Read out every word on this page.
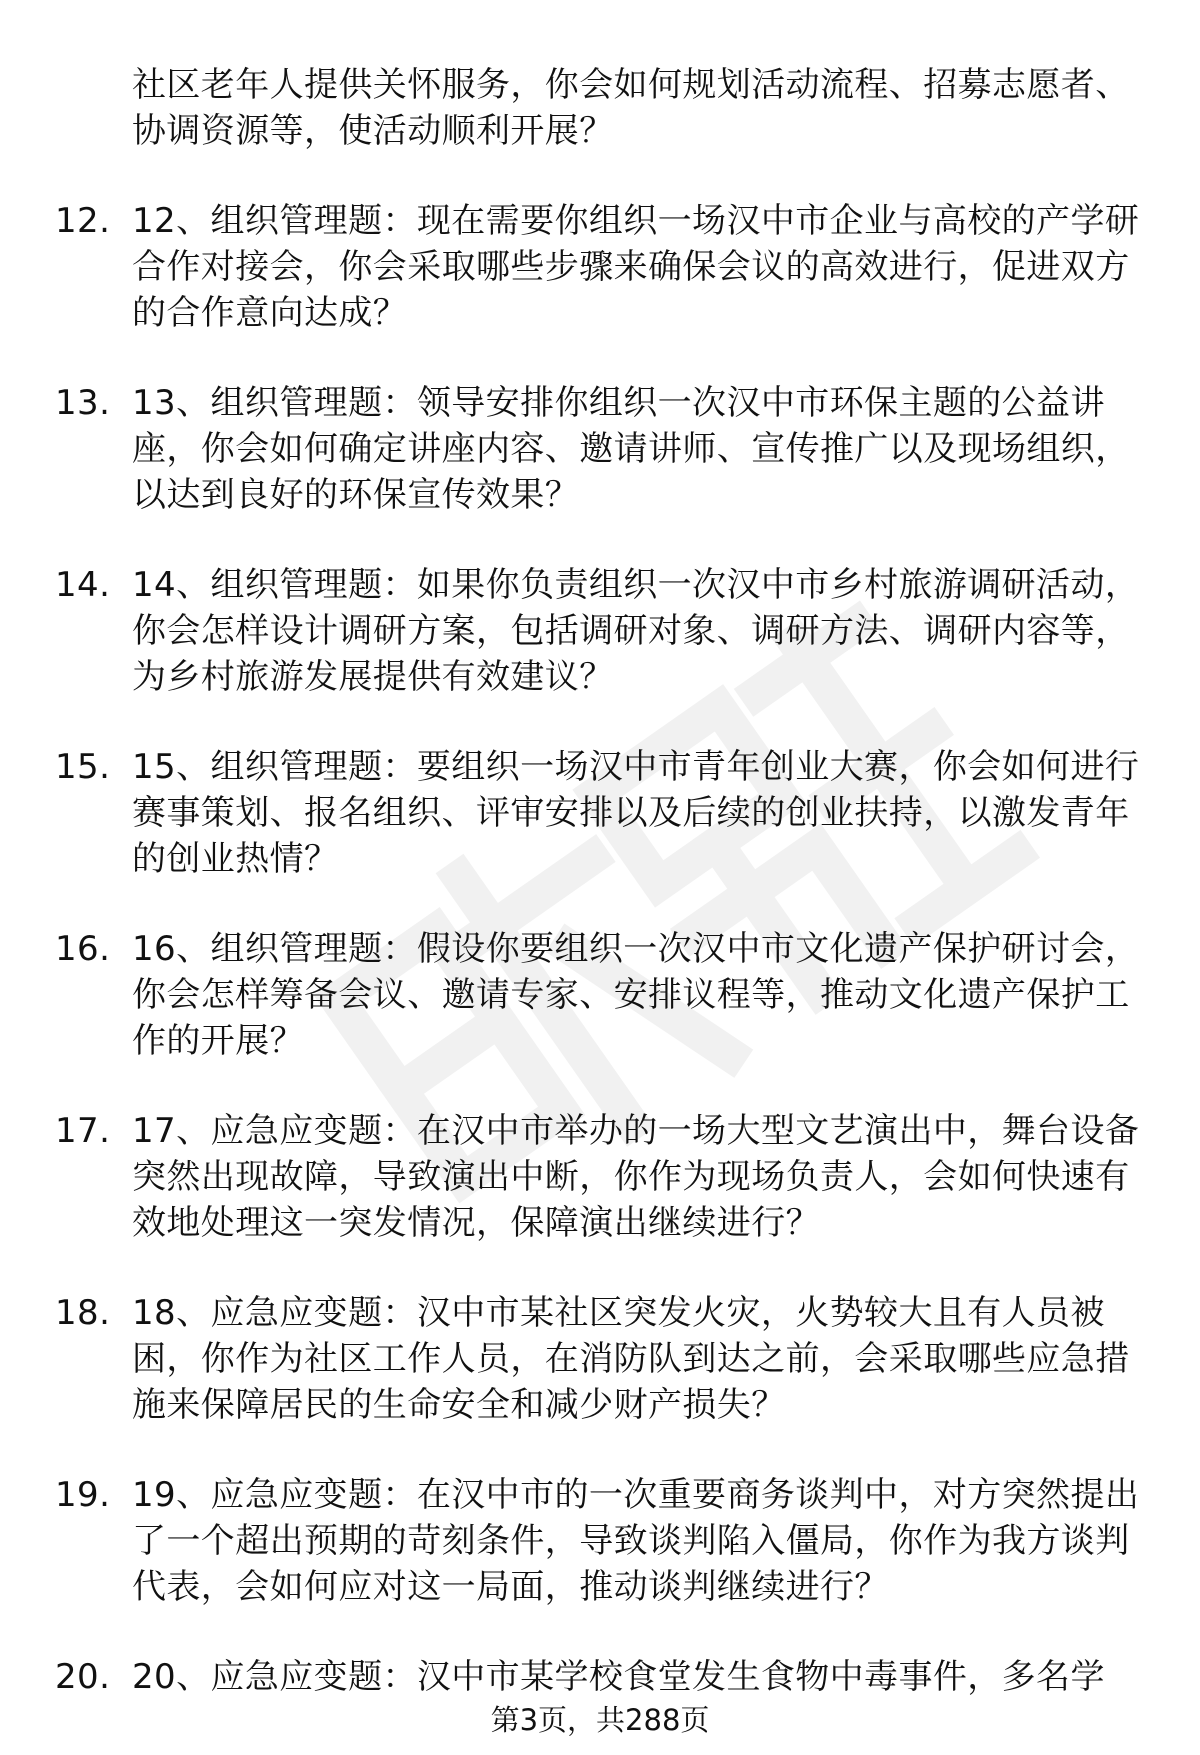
社区老年人提供关怀服务，你会如何规划活动流程、招募志愿者、协调资源等，使活动顺利开展？

12. 12、组织管理题：现在需要你组织一场汉中市企业与高校的产学研合作对接会，你会采取哪些步骤来确保会议的高效进行，促进双方的合作意向达成？
13. 13、组织管理题：领导安排你组织一次汉中市环保主题的公益讲座，你会如何确定讲座内容、邀请讲师、宣传推广以及现场组织，以达到良好的环保宣传效果？
14. 14、组织管理题：如果你负责组织一次汉中市乡村旅游调研活动，你会怎样设计调研方案，包括调研对象、调研方法、调研内容等，为乡村旅游发展提供有效建议？
15. 15、组织管理题：要组织一场汉中市青年创业大赛，你会如何进行赛事策划、报名组织、评审安排以及后续的创业扶持，以激发青年的创业热情？
16. 16、组织管理题：假设你要组织一次汉中市文化遗产保护研讨会，你会怎样筹备会议、邀请专家、安排议程等，推动文化遗产保护工作的开展？
17. 17、应急应变题：在汉中市举办的一场大型文艺演出中，舞台设备突然出现故障，导致演出中断，你作为现场负责人，会如何快速有效地处理这一突发情况，保障演出继续进行？
18. 18、应急应变题：汉中市某社区突发火灾，火势较大且有人员被困，你作为社区工作人员，在消防队到达之前，会采取哪些应急措施来保障居民的生命安全和减少财产损失？
19. 19、应急应变题：在汉中市的一次重要商务谈判中，对方突然提出了一个超出预期的苛刻条件，导致谈判陷入僵局，你作为我方谈判代表，会如何应对这一局面，推动谈判继续进行？
20. 20、应急应变题：汉中市某学校食堂发生食物中毒事件，多名学
第3页，共288页
